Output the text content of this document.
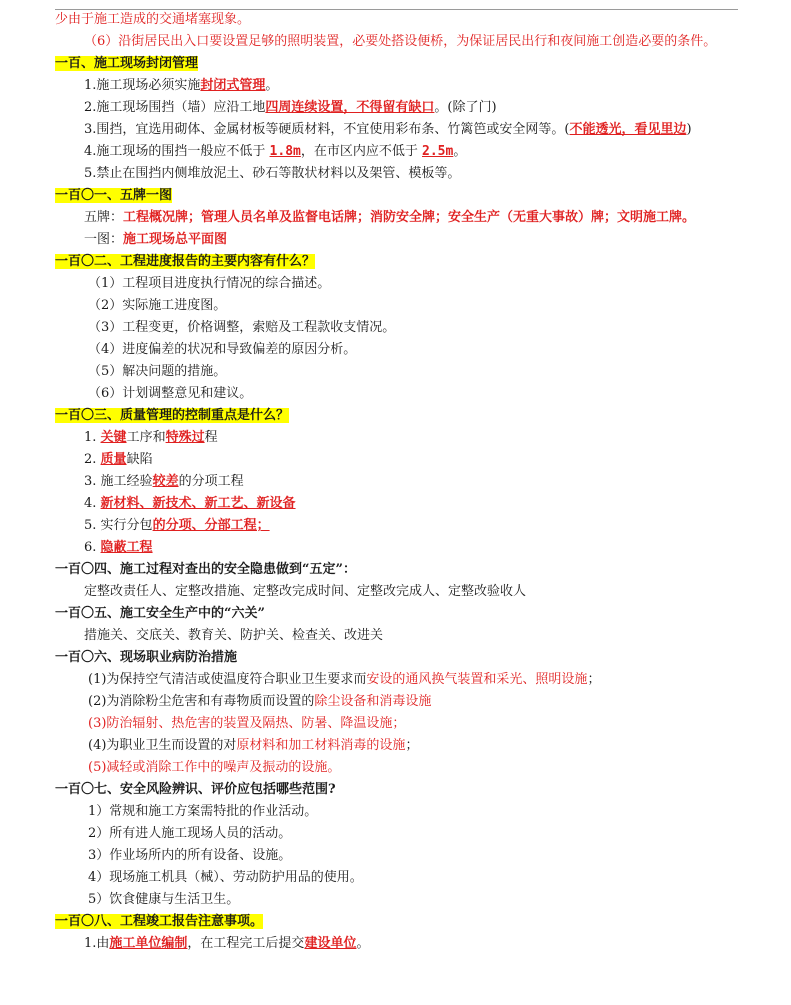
少由于施工造成的交通堵塞现象。
（6）沿街居民出入口要设置足够的照明装置，必要处搭设便桥，为保证居民出行和夜间施工创造必要的条件。
一百、施工现场封闭管理
1.施工现场必须实施封闭式管理。
2.施工现场围挡（墙）应沿工地四周连续设置，不得留有缺口。(除了门)
3.围挡，宜选用砌体、金属材板等硬质材料，不宜使用彩布条、竹篱笆或安全网等。(不能透光，看见里边)
4.施工现场的围挡一般应不低于 1.8m，在市区内应不低于 2.5m。
5.禁止在围挡内侧堆放泥土、砂石等散状材料以及架管、模板等。
一百〇一、五牌一图
五牌：工程概况牌；管理人员名单及监督电话牌；消防安全牌；安全生产（无重大事故）牌；文明施工牌。
一图：施工现场总平面图
一百〇二、工程进度报告的主要内容有什么？
（1）工程项目进度执行情况的综合描述。
（2）实际施工进度图。
（3）工程变更，价格调整，索赔及工程款收支情况。
（4）进度偏差的状况和导致偏差的原因分析。
（5）解决问题的措施。
（6）计划调整意见和建议。
一百〇三、质量管理的控制重点是什么？
1. 关键工序和特殊过程
2. 质量缺陷
3. 施工经验较差的分项工程
4. 新材料、新技术、新工艺、新设备
5. 实行分包的分项、分部工程；
6. 隐蔽工程
一百〇四、施工过程对查出的安全隐患做到“五定”：
定整改责任人、定整改措施、定整改完成时间、定整改完成人、定整改验收人
一百〇五、施工安全生产中的“六关”
措施关、交底关、教育关、防护关、检查关、改进关
一百〇六、现场职业病防治措施
(1)为保持空气清洁或使温度符合职业卫生要求而安设的通风换气装置和采光、照明设施；
(2)为消除粉尘危害和有毒物质而设置的除尘设备和消毒设施
(3)防治辐射、热危害的装置及隔热、防暑、降温设施；
(4)为职业卫生而设置的对原材料和加工材料消毒的设施；
(5)减轻或消除工作中的噪声及振动的设施。
一百〇七、安全风险辨识、评价应包括哪些范围?
1）常规和施工方案需特批的作业活动。
2）所有进人施工现场人员的活动。
3）作业场所内的所有设备、设施。
4）现场施工机具（械）、劳动防护用品的使用。
5）饮食健康与生活卫生。
一百〇八、工程竣工报告注意事项。
1.由施工单位编制，在工程完工后提交建设单位。
